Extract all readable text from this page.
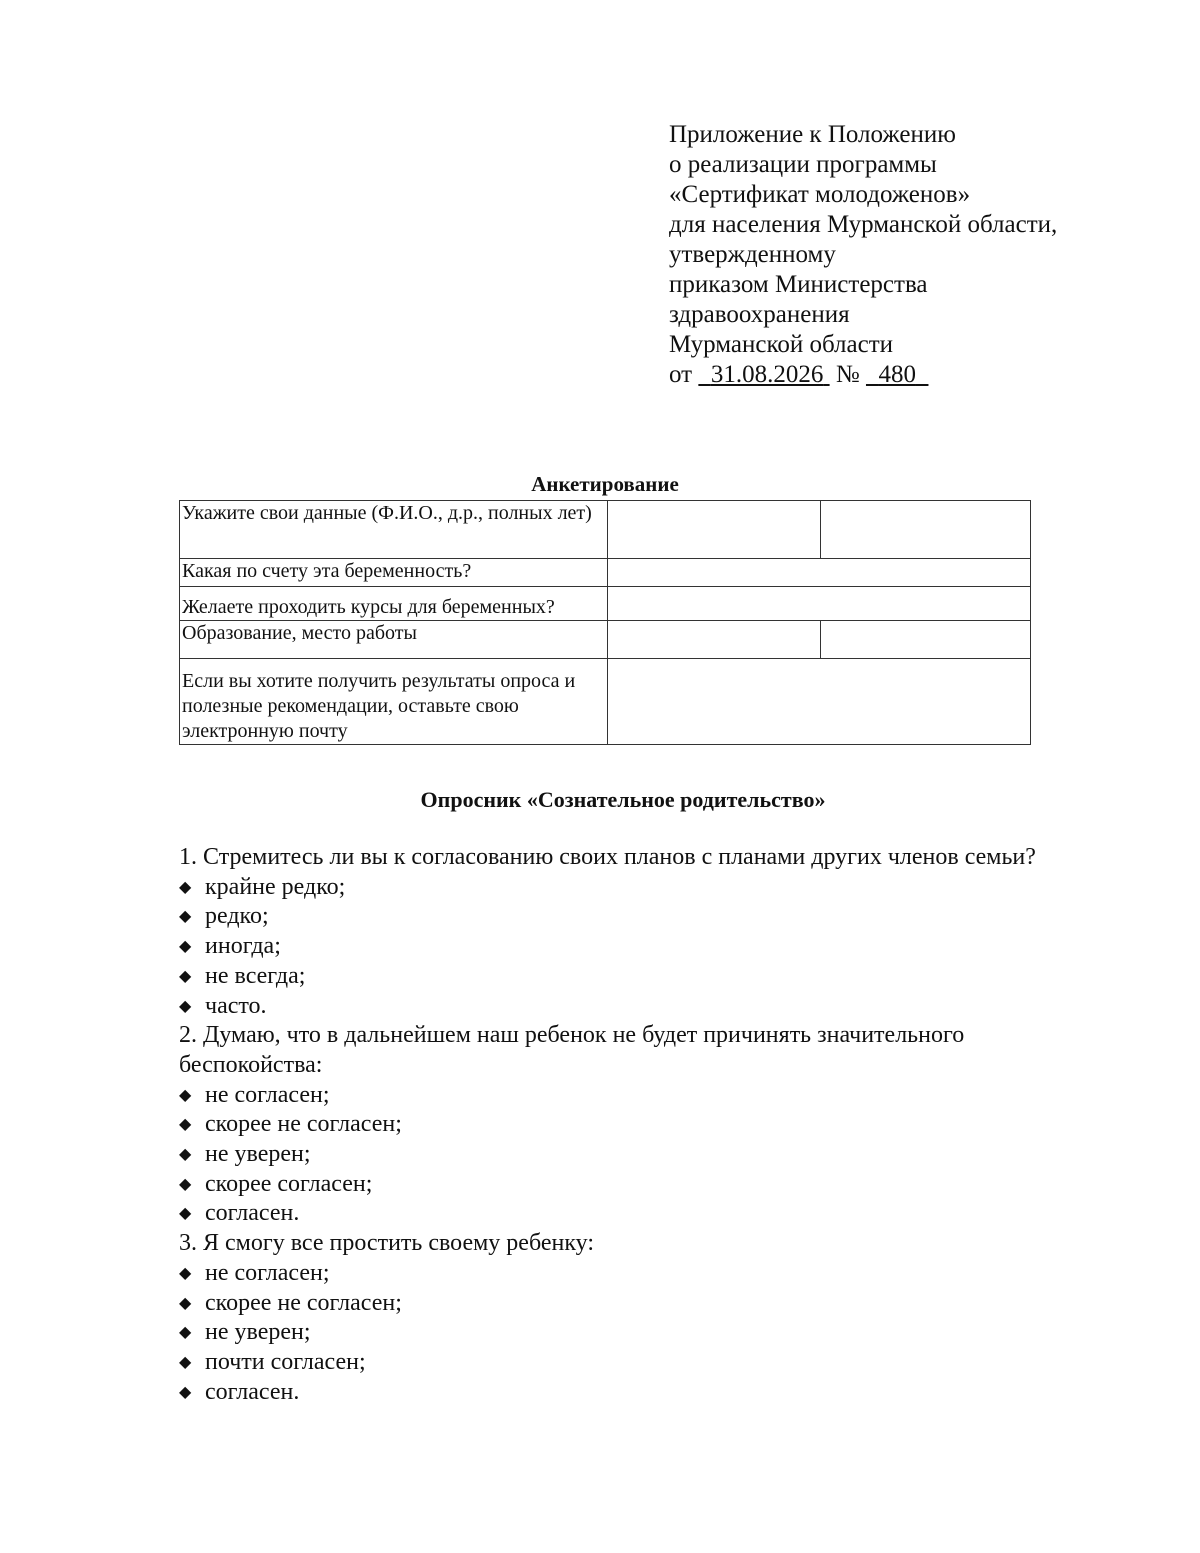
Приложение к Положению
о реализации программы
«Сертификат молодоженов»
для населения Мурманской области,
утвержденному
приказом Министерства
здравоохранения
Мурманской области
от 31.08.2026 № 480
Анкетирование
Укажите свои данные (Ф.И.О., д.р., полных лет)		
Какая по счету эта беременность?		
Желаете проходить курсы для беременных?		
Образование, место работы		
Если вы хотите получить результаты опроса и полезные рекомендации, оставьте свою электронную почту		
Опросник «Сознательное родительство»

1. Стремитесь ли вы к согласованию своих планов с планами других членов семьи?

◆ крайне редко;
◆ редко;
◆ иногда;
◆ не всегда;
◆ часто.

2. Думаю, что в дальнейшем наш ребенок не будет причинять значительного беспокойства:

◆ не согласен;
◆ скорее не согласен;
◆ не уверен;
◆ скорее согласен;
◆ согласен.

3. Я смогу все простить своему ребенку:

◆ не согласен;
◆ скорее не согласен;
◆ не уверен;
◆ почти согласен;
◆ согласен.
